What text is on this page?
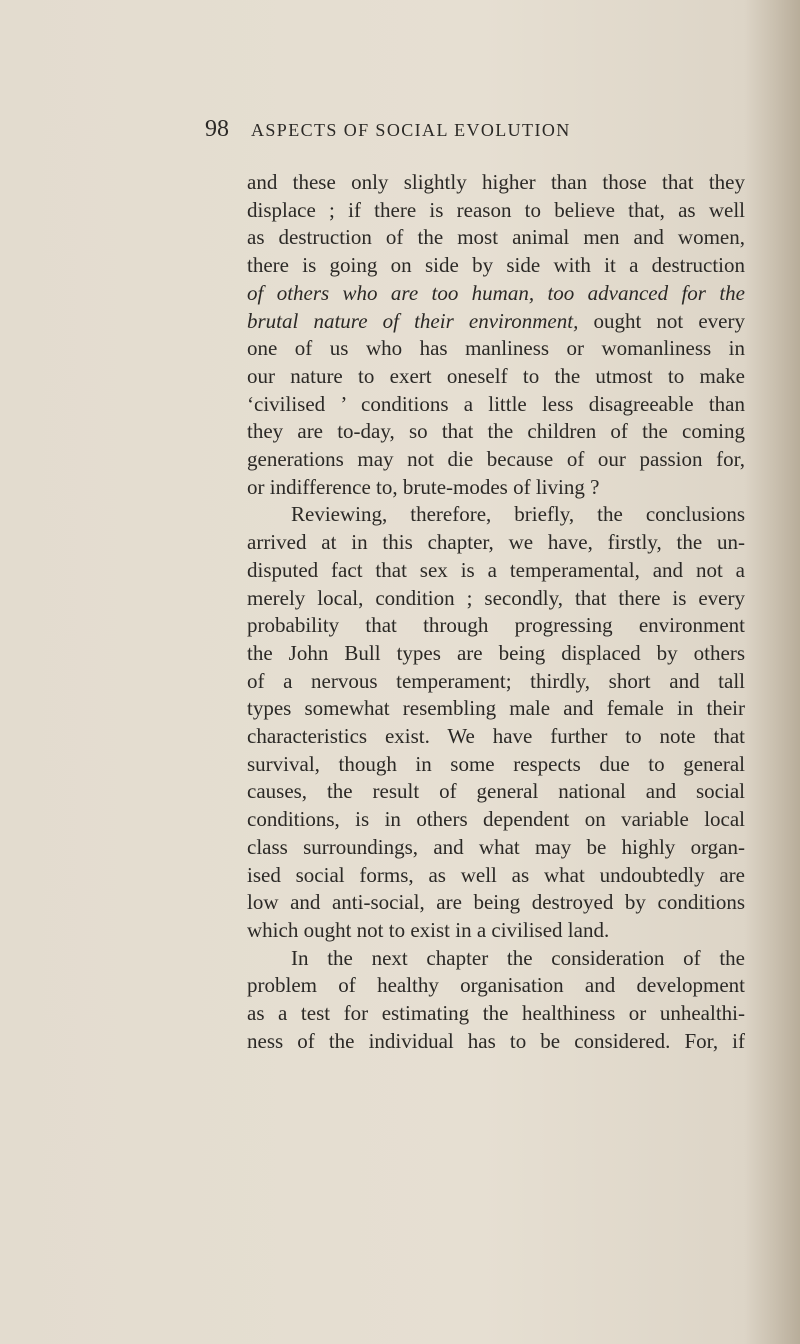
98 ASPECTS OF SOCIAL EVOLUTION
and these only slightly higher than those that they
displace ; if there is reason to believe that, as well
as destruction of the most animal men and women,
there is going on side by side with it a destruction
of others who are too human, too advanced for the
brutal nature of their environment, ought not every
one of us who has manliness or womanliness in
our nature to exert oneself to the utmost to make
‘civilised ’ conditions a little less disagreeable than
they are to-day, so that the children of the coming
generations may not die because of our passion for,
or indifference to, brute-modes of living ?
Reviewing, therefore, briefly, the conclusions
arrived at in this chapter, we have, firstly, the un-
disputed fact that sex is a temperamental, and not a
merely local, condition ; secondly, that there is every
probability that through progressing environment
the John Bull types are being displaced by others
of a nervous temperament; thirdly, short and tall
types somewhat resembling male and female in their
characteristics exist. We have further to note that
survival, though in some respects due to general
causes, the result of general national and social
conditions, is in others dependent on variable local
class surroundings, and what may be highly organ-
ised social forms, as well as what undoubtedly are
low and anti-social, are being destroyed by conditions
which ought not to exist in a civilised land.
In the next chapter the consideration of the
problem of healthy organisation and development
as a test for estimating the healthiness or unhealthi-
ness of the individual has to be considered. For, if
